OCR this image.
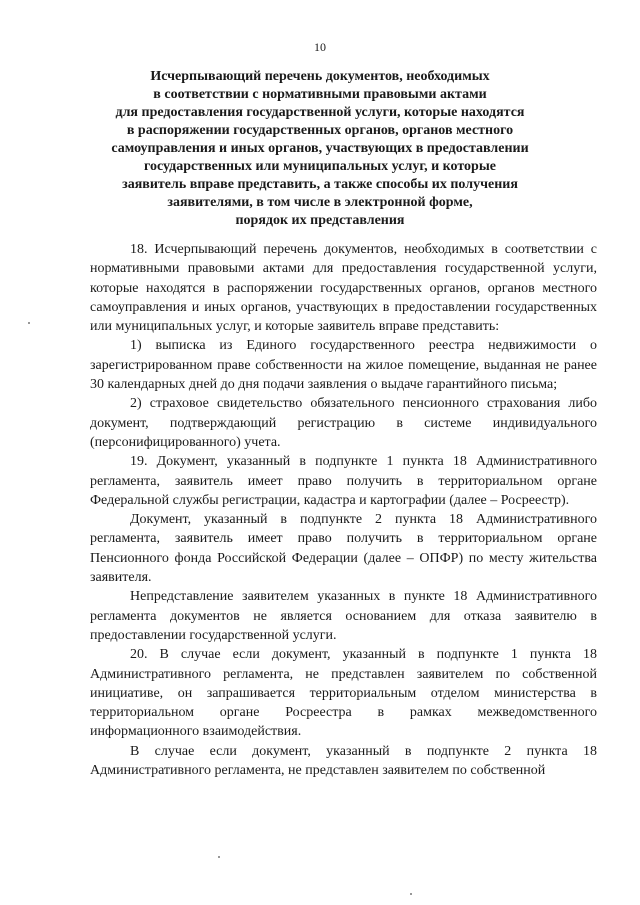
10
Исчерпывающий перечень документов, необходимых
в соответствии с нормативными правовыми актами
для предоставления государственной услуги, которые находятся
в распоряжении государственных органов, органов местного
самоуправления и иных органов, участвующих в предоставлении
государственных или муниципальных услуг, и которые
заявитель вправе представить, а также способы их получения
заявителями, в том числе в электронной форме,
порядок их представления

18. Исчерпывающий перечень документов, необходимых в соответствии с нормативными правовыми актами для предоставления государственной услуги, которые находятся в распоряжении государственных органов, органов местного самоуправления и иных органов, участвующих в предоставлении государственных или муниципальных услуг, и которые заявитель вправе представить:

1) выписка из Единого государственного реестра недвижимости о зарегистрированном праве собственности на жилое помещение, выданная не ранее 30 календарных дней до дня подачи заявления о выдаче гарантийного письма;

2) страховое свидетельство обязательного пенсионного страхования либо документ, подтверждающий регистрацию в системе индивидуального (персонифицированного) учета.

19. Документ, указанный в подпункте 1 пункта 18 Административного регламента, заявитель имеет право получить в территориальном органе Федеральной службы регистрации, кадастра и картографии (далее – Росреестр).

Документ, указанный в подпункте 2 пункта 18 Административного регламента, заявитель имеет право получить в территориальном органе Пенсионного фонда Российской Федерации (далее – ОПФР) по месту жительства заявителя.

Непредставление заявителем указанных в пункте 18 Административного регламента документов не является основанием для отказа заявителю в предоставлении государственной услуги.

20. В случае если документ, указанный в подпункте 1 пункта 18 Административного регламента, не представлен заявителем по собственной инициативе, он запрашивается территориальным отделом министерства в территориальном органе Росреестра в рамках межведомственного информационного взаимодействия.

В случае если документ, указанный в подпункте 2 пункта 18 Административного регламента, не представлен заявителем по собственной
